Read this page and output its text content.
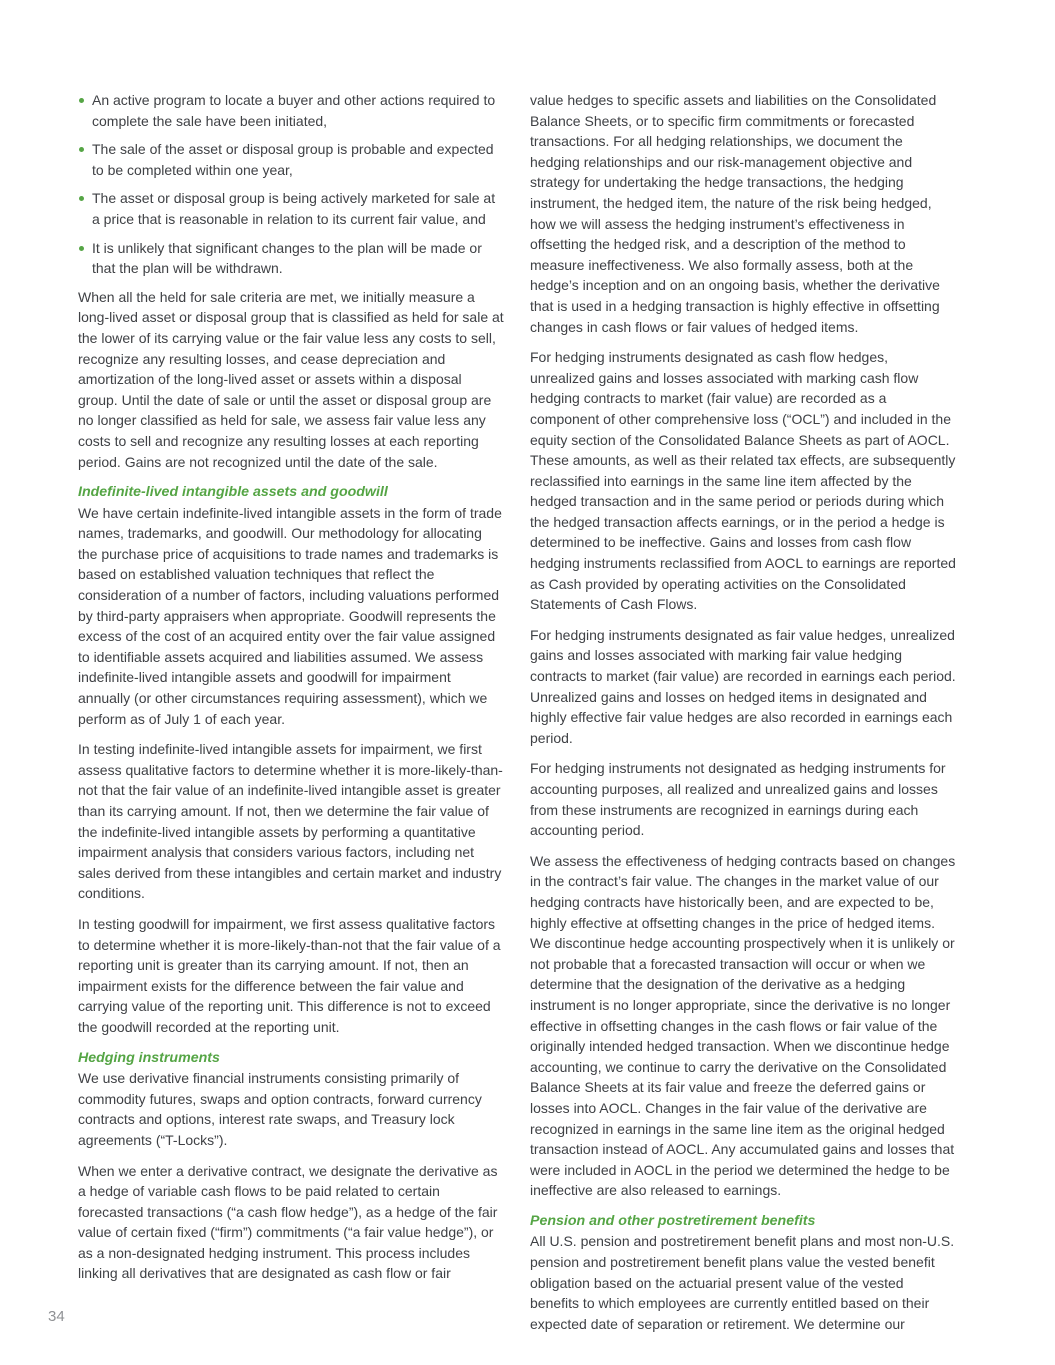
An active program to locate a buyer and other actions required to complete the sale have been initiated,
The sale of the asset or disposal group is probable and expected to be completed within one year,
The asset or disposal group is being actively marketed for sale at a price that is reasonable in relation to its current fair value, and
It is unlikely that significant changes to the plan will be made or that the plan will be withdrawn.

When all the held for sale criteria are met, we initially measure a long-lived asset or disposal group that is classified as held for sale at the lower of its carrying value or the fair value less any costs to sell, recognize any resulting losses, and cease depreciation and amortization of the long-lived asset or assets within a disposal group. Until the date of sale or until the asset or disposal group are no longer classified as held for sale, we assess fair value less any costs to sell and recognize any resulting losses at each reporting period. Gains are not recognized until the date of the sale.

Indefinite-lived intangible assets and goodwill

We have certain indefinite-lived intangible assets in the form of trade names, trademarks, and goodwill. Our methodology for allocating the purchase price of acquisitions to trade names and trademarks is based on established valuation techniques that reflect the consideration of a number of factors, including valuations performed by third-party appraisers when appropriate. Goodwill represents the excess of the cost of an acquired entity over the fair value assigned to identifiable assets acquired and liabilities assumed. We assess indefinite-lived intangible assets and goodwill for impairment annually (or other circumstances requiring assessment), which we perform as of July 1 of each year.

In testing indefinite-lived intangible assets for impairment, we first assess qualitative factors to determine whether it is more-likely-than-not that the fair value of an indefinite-lived intangible asset is greater than its carrying amount. If not, then we determine the fair value of the indefinite-lived intangible assets by performing a quantitative impairment analysis that considers various factors, including net sales derived from these intangibles and certain market and industry conditions.

In testing goodwill for impairment, we first assess qualitative factors to determine whether it is more-likely-than-not that the fair value of a reporting unit is greater than its carrying amount. If not, then an impairment exists for the difference between the fair value and carrying value of the reporting unit. This difference is not to exceed the goodwill recorded at the reporting unit.

Hedging instruments

We use derivative financial instruments consisting primarily of commodity futures, swaps and option contracts, forward currency contracts and options, interest rate swaps, and Treasury lock agreements (“T-Locks”).

When we enter a derivative contract, we designate the derivative as a hedge of variable cash flows to be paid related to certain forecasted transactions (“a cash flow hedge”), as a hedge of the fair value of certain fixed (“firm”) commitments (“a fair value hedge”), or as a non-designated hedging instrument. This process includes linking all derivatives that are designated as cash flow or fair

value hedges to specific assets and liabilities on the Consolidated Balance Sheets, or to specific firm commitments or forecasted transactions. For all hedging relationships, we document the hedging relationships and our risk-management objective and strategy for undertaking the hedge transactions, the hedging instrument, the hedged item, the nature of the risk being hedged, how we will assess the hedging instrument’s effectiveness in offsetting the hedged risk, and a description of the method to measure ineffectiveness. We also formally assess, both at the hedge’s inception and on an ongoing basis, whether the derivative that is used in a hedging transaction is highly effective in offsetting changes in cash flows or fair values of hedged items.

For hedging instruments designated as cash flow hedges, unrealized gains and losses associated with marking cash flow hedging contracts to market (fair value) are recorded as a component of other comprehensive loss (“OCL”) and included in the equity section of the Consolidated Balance Sheets as part of AOCL. These amounts, as well as their related tax effects, are subsequently reclassified into earnings in the same line item affected by the hedged transaction and in the same period or periods during which the hedged transaction affects earnings, or in the period a hedge is determined to be ineffective. Gains and losses from cash flow hedging instruments reclassified from AOCL to earnings are reported as Cash provided by operating activities on the Consolidated Statements of Cash Flows.

For hedging instruments designated as fair value hedges, unrealized gains and losses associated with marking fair value hedging contracts to market (fair value) are recorded in earnings each period. Unrealized gains and losses on hedged items in designated and highly effective fair value hedges are also recorded in earnings each period.

For hedging instruments not designated as hedging instruments for accounting purposes, all realized and unrealized gains and losses from these instruments are recognized in earnings during each accounting period.

We assess the effectiveness of hedging contracts based on changes in the contract’s fair value. The changes in the market value of our hedging contracts have historically been, and are expected to be, highly effective at offsetting changes in the price of hedged items. We discontinue hedge accounting prospectively when it is unlikely or not probable that a forecasted transaction will occur or when we determine that the designation of the derivative as a hedging instrument is no longer appropriate, since the derivative is no longer effective in offsetting changes in the cash flows or fair value of the originally intended hedged transaction. When we discontinue hedge accounting, we continue to carry the derivative on the Consolidated Balance Sheets at its fair value and freeze the deferred gains or losses into AOCL. Changes in the fair value of the derivative are recognized in earnings in the same line item as the original hedged transaction instead of AOCL. Any accumulated gains and losses that were included in AOCL in the period we determined the hedge to be ineffective are also released to earnings.

Pension and other postretirement benefits

All U.S. pension and postretirement benefit plans and most non-U.S. pension and postretirement benefit plans value the vested benefit obligation based on the actuarial present value of the vested benefits to which employees are currently entitled based on their expected date of separation or retirement. We determine our

34
